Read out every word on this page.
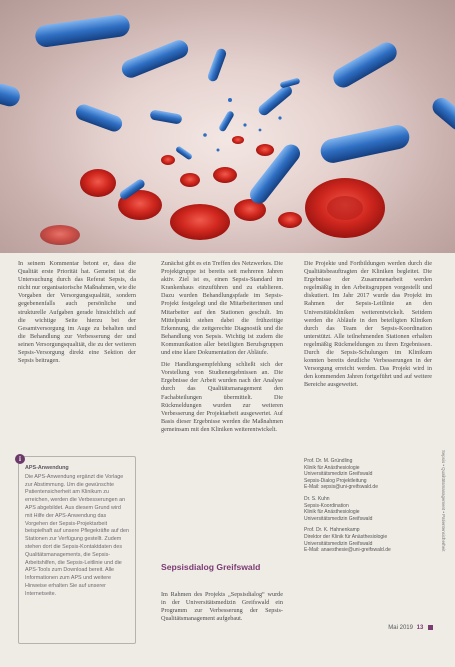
In seinem Kommentar betont er, dass die Qualität erste Priorität hat. Gemeint ist die Untersuchung durch das Referat Sepsis, da nicht nur organisatorische Maßnahmen, wie die Vorgaben der Versorgungsqualität, sondern gegebenenfalls auch persönliche und strukturelle Aufgaben gerade hinsichtlich auf die wichtige Seite hierzu bei der Gesamtversorgung im Auge zu behalten und die Behandlung zur Verbesserung der und seinen Versorgungsqualität, die zu der weiteren Sepsis-Versorgung direkt eine Sektion der Sepsis beitragen.

i
APS-Anwendung
Die APS-Anwendung ergänzt die Vorlage zur Abstimmung. Um die gewünschte Patientensicherheit am Klinikum zu erreichen, werden die Verbesserungen an APS abgebildet. Aus diesem Grund wird mit Hilfe der APS-Anwendung das Vorgehen der Sepsis-Projektarbeit beispielhaft auf unsere Pflegekräfte auf den Stationen zur Verfügung gestellt. Zudem stehen dort die Sepsis-Kontaktdaten des Qualitätsmanagements, die Sepsis-Arbeitshilfen, die Sepsis-Leitlinie und die APS-Tools zum Download bereit. Alle Informationen zum APS und weitere Hinweise erhalten Sie auf unserer Internetseite.

Zunächst gibt es ein Treffen des Netzwerkes. Die Projektgruppe ist bereits seit mehreren Jahren aktiv. Ziel ist es, einen Sepsis-Standard im Krankenhaus einzuführen und zu etablieren. Dazu wurden Behandlungspfade im Sepsis-Projekt festgelegt und die Mitarbeiterinnen und Mitarbeiter auf den Stationen geschult. Im Mittelpunkt stehen dabei die frühzeitige Erkennung, die zeitgerechte Diagnostik und die Behandlung von Sepsis. Wichtig ist zudem die Kommunikation aller beteiligten Berufsgruppen und eine klare Dokumentation der Abläufe.

Die Handlungsempfehlung schließt sich der Vorstellung von Studienergebnissen an. Die Ergebnisse der Arbeit wurden nach der Analyse durch das Qualitätsmanagement den Fachabteilungen übermittelt. Die Rückmeldungen wurden zur weiteren Verbesserung der Projektarbeit ausgewertet. Auf Basis dieser Ergebnisse werden die Maßnahmen gemeinsam mit den Kliniken weiterentwickelt.

Sepsisdialog Greifswald
Im Rahmen des Projekts „Sepsisdialog“ wurde in der Universitätsmedizin Greifswald ein Programm zur Verbesserung der Sepsis-Qualitätsmanagement aufgebaut.

Die Projekte und Fortbildungen werden durch die Qualitätsbeauftragten der Kliniken begleitet. Die Ergebnisse der Zusammenarbeit werden regelmäßig in den Arbeitsgruppen vorgestellt und diskutiert. Im Jahr 2017 wurde das Projekt im Rahmen der Sepsis-Leitlinie an den Universitätskliniken weiterentwickelt. Seitdem werden die Abläufe in den beteiligten Kliniken durch das Team der Sepsis-Koordination unterstützt. Alle teilnehmenden Stationen erhalten regelmäßig Rückmeldungen zu ihren Ergebnissen. Durch die Sepsis-Schulungen im Klinikum konnten bereits deutliche Verbesserungen in der Versorgung erreicht werden. Das Projekt wird in den kommenden Jahren fortgeführt und auf weitere Bereiche ausgeweitet.

Prof. Dr. M. Gründling
Klinik für Anästhesiologie
Universitätsmedizin Greifswald
Sepsis-Dialog Projektleitung
E-Mail: sepsis@uni-greifswald.de
Dr. S. Kuhn
Sepsis-Koordination
Klinik für Anästhesiologie
Universitätsmedizin Greifswald
Prof. Dr. K. Hahnenkamp
Direktor der Klinik für Anästhesiologie
Universitätsmedizin Greifswald
E-Mail: anaesthesie@uni-greifswald.de	Sepsis • Qualitätsmanagement • Patientensicherheit
Mai 2019 13
